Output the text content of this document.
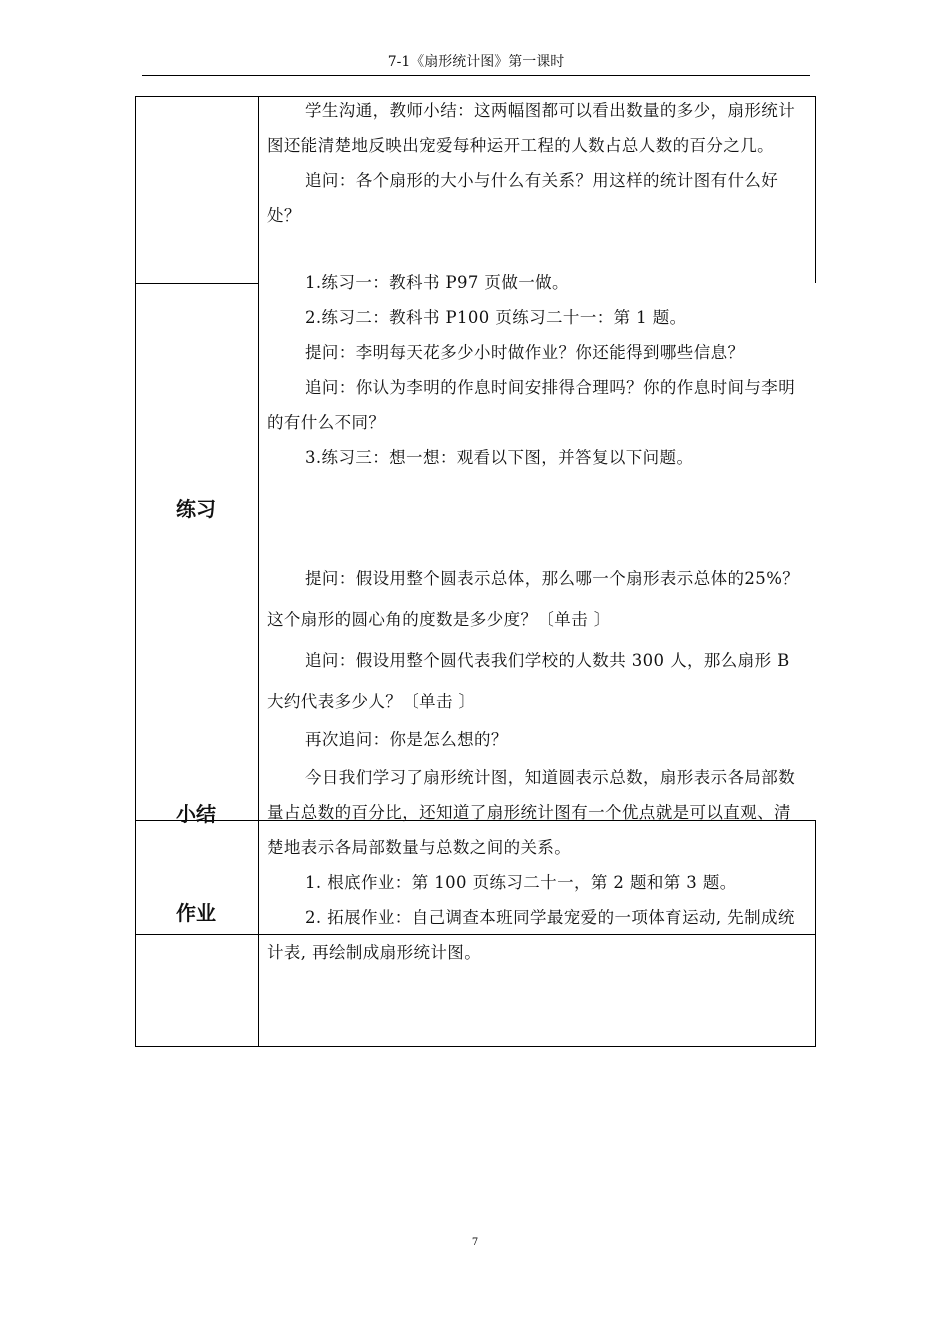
7-1《扇形统计图》第一课时
练习
小结
作业

学生沟通，教师小结：这两幅图都可以看出数量的多少，扇形统计图还能清楚地反映出宠爱每种运开工程的人数占总人数的百分之几。

追问：各个扇形的大小与什么有关系？用这样的统计图有什么好处？

1.练习一：教科书 P97 页做一做。

2.练习二：教科书 P100 页练习二十一：第 1 题。

提问：李明每天花多少小时做作业？你还能得到哪些信息？

追问：你认为李明的作息时间安排得合理吗？你的作息时间与李明的有什么不同？

3.练习三：想一想：观看以下图，并答复以下问题。

提问：假设用整个圆表示总体，那么哪一个扇形表示总体的25%？这个扇形的圆心角的度数是多少度？〔单击 〕

追问：假设用整个圆代表我们学校的人数共 300 人，那么扇形 B 大约代表多少人？〔单击 〕

再次追问：你是怎么想的？

今日我们学习了扇形统计图，知道圆表示总数，扇形表示各局部数量占总数的百分比，还知道了扇形统计图有一个优点就是可以直观、清楚地表示各局部数量与总数之间的关系。

1. 根底作业：第 100 页练习二十一，第 2 题和第 3 题。

2. 拓展作业：自己调查本班同学最宠爱的一项体育运动, 先制成统计表, 再绘制成扇形统计图。

7
